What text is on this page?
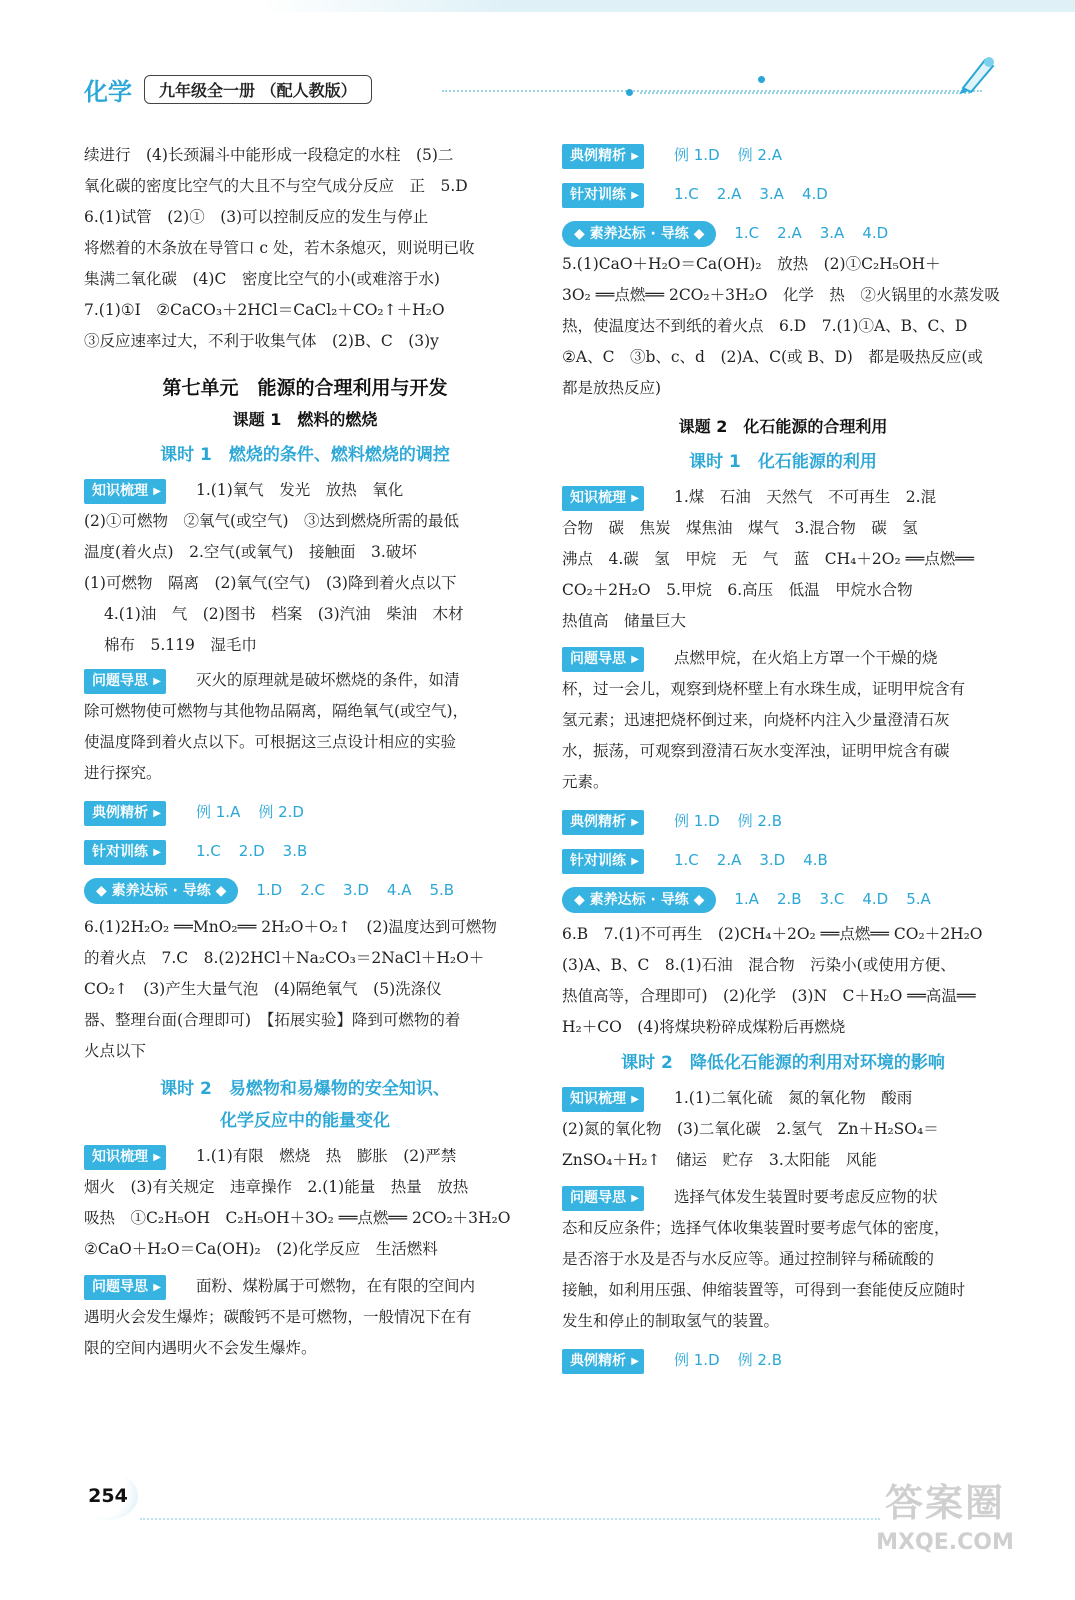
化学	九年级全一册 （配人教版）

续进行　(4)长颈漏斗中能形成一段稳定的水柱　(5)二

氧化碳的密度比空气的大且不与空气成分反应　正　5.D

6.(1)试管　(2)①　(3)可以控制反应的发生与停止

将燃着的木条放在导管口 c 处，若木条熄灭，则说明已收

集满二氧化碳　(4)C　密度比空气的小(或难溶于水)

7.(1)①Ⅰ　②CaCO₃＋2HCl＝CaCl₂＋CO₂↑＋H₂O

③反应速率过大，不利于收集气体　(2)B、C　(3)y

第七单元　能源的合理利用与开发

课题 1　燃料的燃烧

课时 1　燃烧的条件、燃料燃烧的调控

知识梳理 ▶	1.(1)氧气　发光　放热　氧化

(2)①可燃物　②氧气(或空气)　③达到燃烧所需的最低

温度(着火点)　2.空气(或氧气)　接触面　3.破坏

(1)可燃物　隔离　(2)氧气(空气)　(3)降到着火点以下

4.(1)油　气　(2)图书　档案　(3)汽油　柴油　木材

棉布　5.119　湿毛巾

问题导思 ▶	灭火的原理就是破坏燃烧的条件，如清

除可燃物使可燃物与其他物品隔离，隔绝氧气(或空气)，

使温度降到着火点以下。可根据这三点设计相应的实验

进行探究。

典例精析 ▶	例 1.A 例 2.D

针对训练 ▶	1.C 2.D 3.B

◆ 素养达标 · 导练 ◆ 1.D 2.C 3.D 4.A 5.B

6.(1)2H₂O₂ ══MnO₂══ 2H₂O＋O₂↑　(2)温度达到可燃物

的着火点　7.C　8.(2)2HCl＋Na₂CO₃＝2NaCl＋H₂O＋

CO₂↑　(3)产生大量气泡　(4)隔绝氧气　(5)洗涤仪

器、整理台面(合理即可)　【拓展实验】降到可燃物的着

火点以下

课时 2　易燃物和易爆物的安全知识、

化学反应中的能量变化

知识梳理 ▶	1.(1)有限　燃烧　热　膨胀　(2)严禁

烟火　(3)有关规定　违章操作　2.(1)能量　热量　放热

吸热　①C₂H₅OH　C₂H₅OH＋3O₂ ══点燃══ 2CO₂＋3H₂O

②CaO＋H₂O＝Ca(OH)₂　(2)化学反应　生活燃料

问题导思 ▶	面粉、煤粉属于可燃物，在有限的空间内

遇明火会发生爆炸；碳酸钙不是可燃物，一般情况下在有

限的空间内遇明火不会发生爆炸。

典例精析 ▶	例 1.D 例 2.A

针对训练 ▶	1.C 2.A 3.A 4.D

◆ 素养达标 · 导练 ◆ 1.C 2.A 3.A 4.D

5.(1)CaO＋H₂O＝Ca(OH)₂　放热　(2)①C₂H₅OH＋

3O₂ ══点燃══ 2CO₂＋3H₂O　化学　热　②火锅里的水蒸发吸

热，使温度达不到纸的着火点　6.D　7.(1)①A、B、C、D

②A、C　③b、c、d　(2)A、C(或 B、D)　都是吸热反应(或

都是放热反应)

课题 2　化石能源的合理利用

课时 1　化石能源的利用

知识梳理 ▶	1.煤　石油　天然气　不可再生　2.混

合物　碳　焦炭　煤焦油　煤气　3.混合物　碳　氢

沸点　4.碳　氢　甲烷　无　气　蓝　CH₄＋2O₂ ══点燃══

CO₂＋2H₂O　5.甲烷　6.高压　低温　甲烷水合物

热值高　储量巨大

问题导思 ▶	点燃甲烷，在火焰上方罩一个干燥的烧

杯，过一会儿，观察到烧杯壁上有水珠生成，证明甲烷含有

氢元素；迅速把烧杯倒过来，向烧杯内注入少量澄清石灰

水，振荡，可观察到澄清石灰水变浑浊，证明甲烷含有碳

元素。

典例精析 ▶	例 1.D 例 2.B

针对训练 ▶	1.C 2.A 3.D 4.B

◆ 素养达标 · 导练 ◆ 1.A 2.B 3.C 4.D 5.A

6.B　7.(1)不可再生　(2)CH₄＋2O₂ ══点燃══ CO₂＋2H₂O

(3)A、B、C　8.(1)石油　混合物　污染小(或使用方便、

热值高等，合理即可)　(2)化学　(3)N　C＋H₂O ══高温══

H₂＋CO　(4)将煤块粉碎成煤粉后再燃烧

课时 2　降低化石能源的利用对环境的影响

知识梳理 ▶	1.(1)二氧化硫　氮的氧化物　酸雨

(2)氮的氧化物　(3)二氧化碳　2.氢气　Zn＋H₂SO₄＝

ZnSO₄＋H₂↑　储运　贮存　3.太阳能　风能

问题导思 ▶	选择气体发生装置时要考虑反应物的状

态和反应条件；选择气体收集装置时要考虑气体的密度，

是否溶于水及是否与水反应等。通过控制锌与稀硫酸的

接触，如利用压强、伸缩装置等，可得到一套能使反应随时

发生和停止的制取氢气的装置。

典例精析 ▶	例 1.D 例 2.B

254	答案圈
MXQE.COM
